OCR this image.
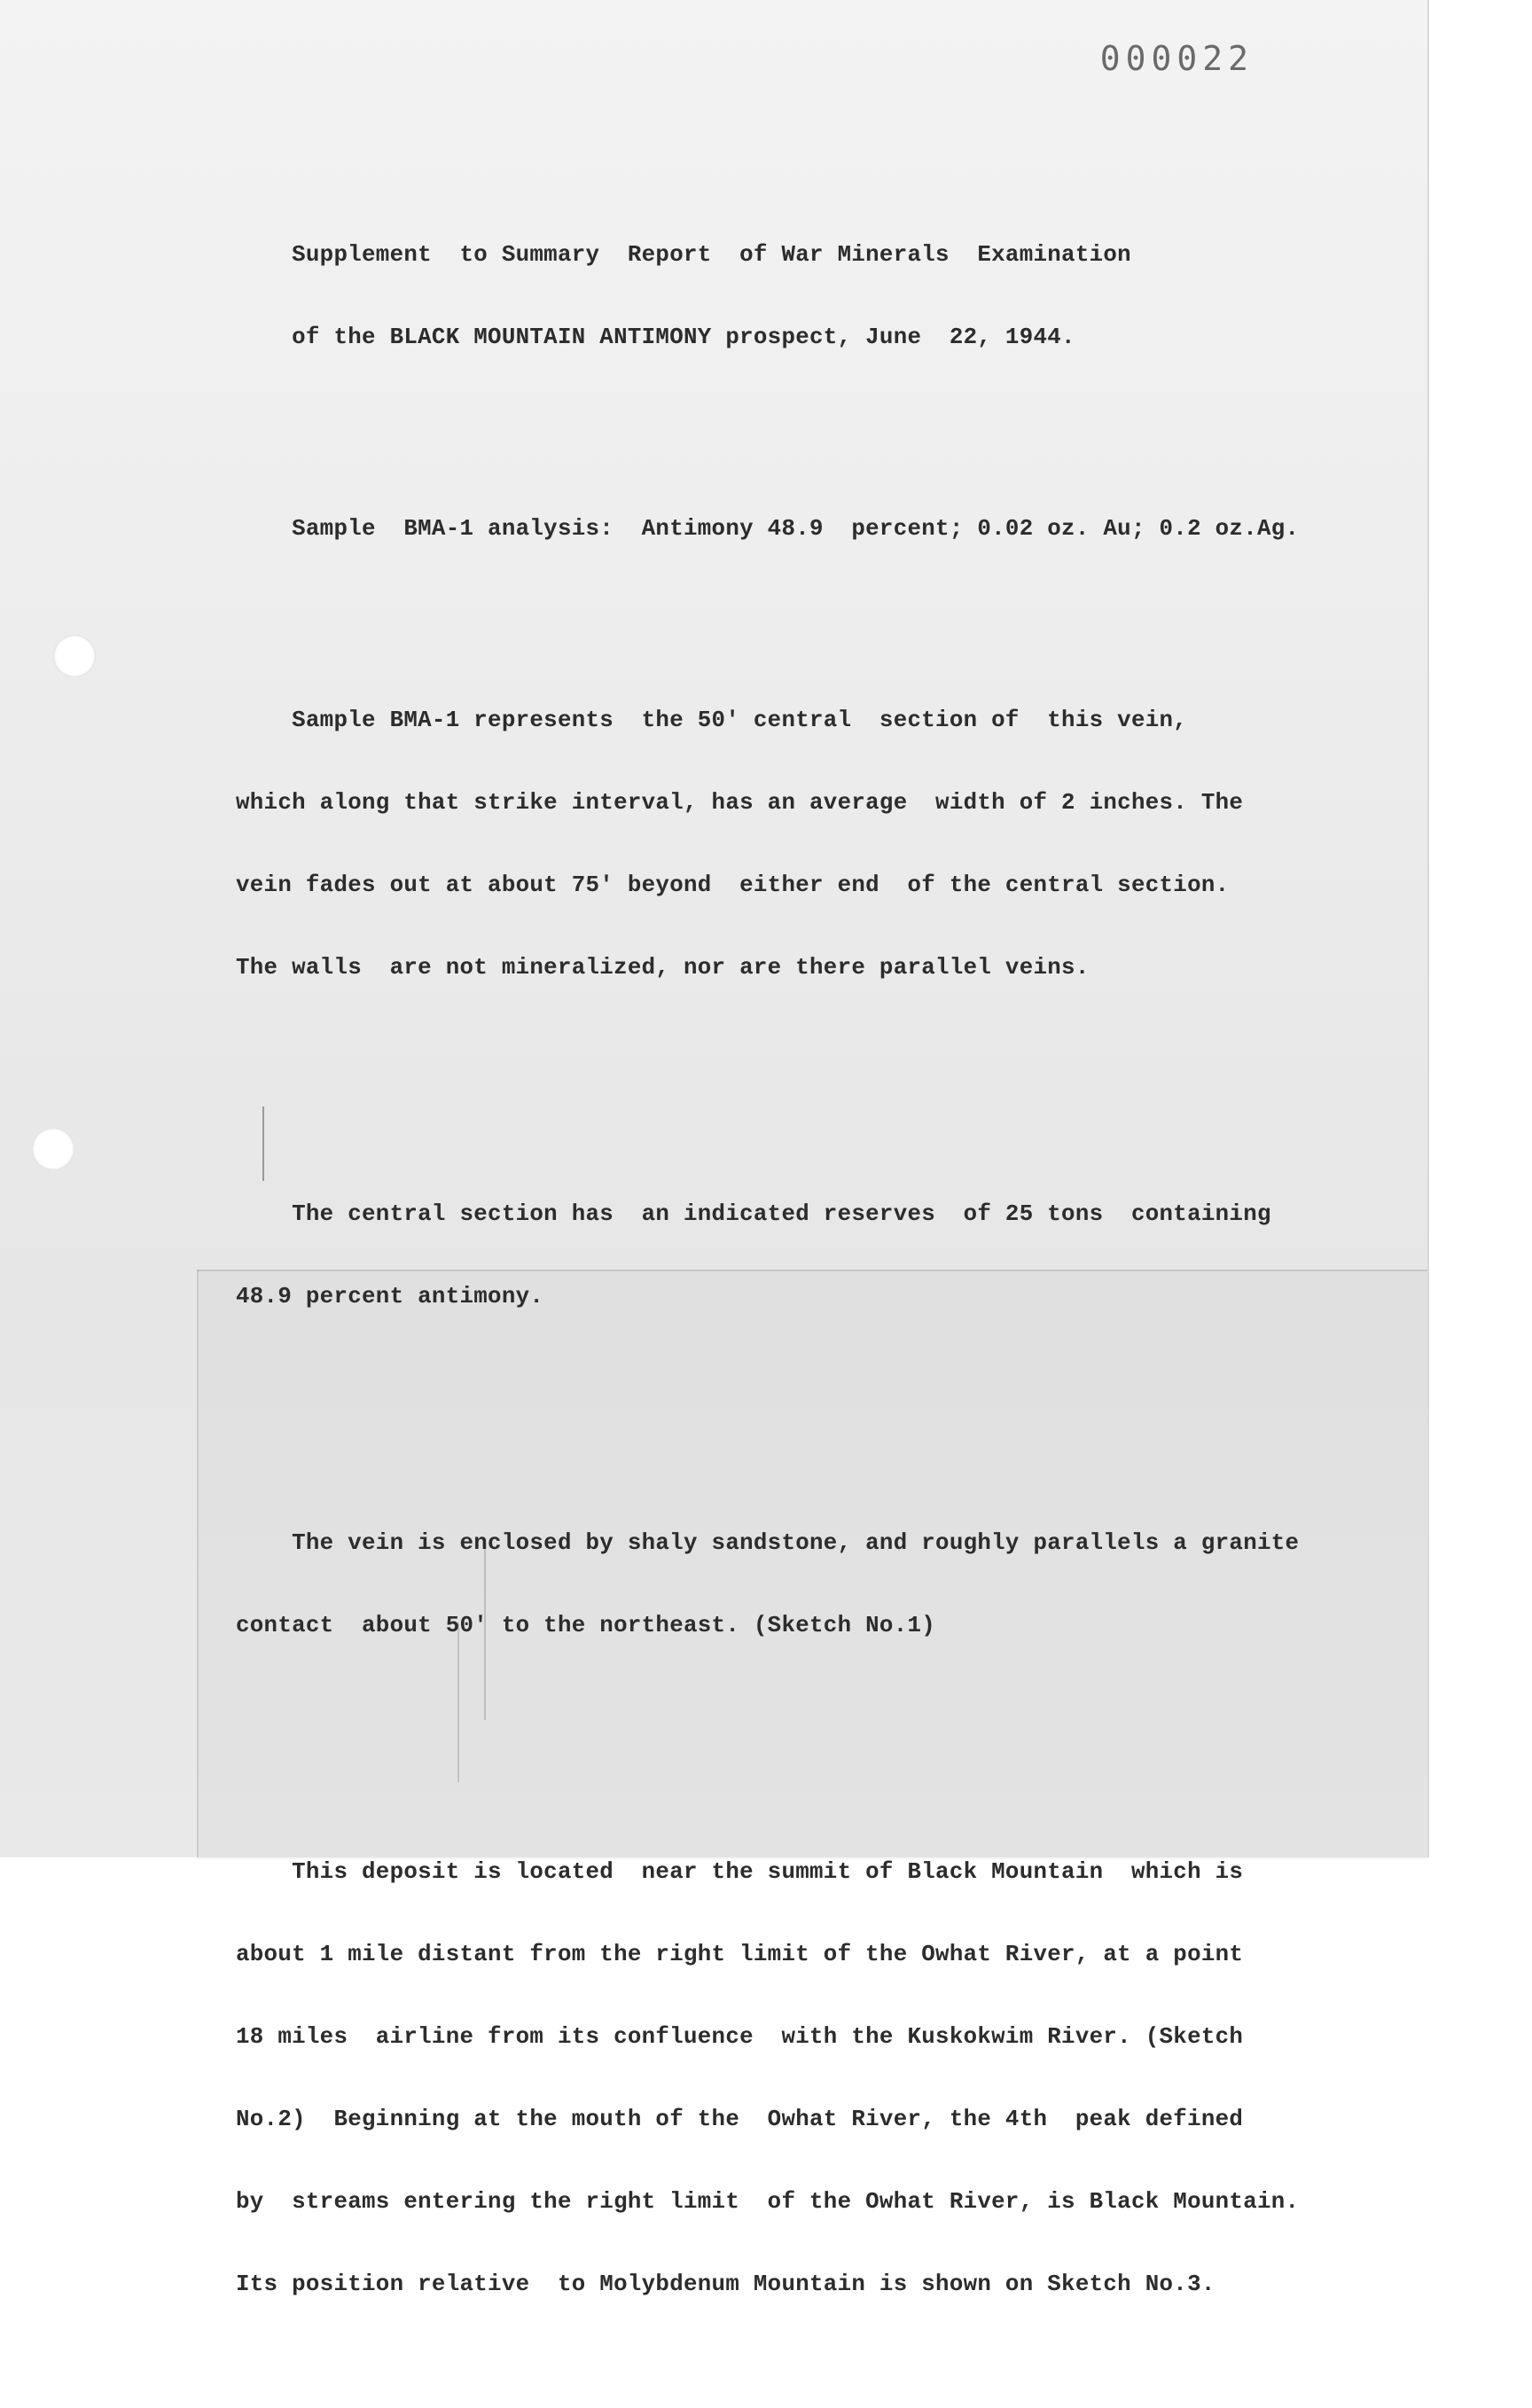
000022

Supplement  to Summary  Report  of War Minerals  Examination

of the BLACK MOUNTAIN ANTIMONY prospect, June  22, 1944.

Sample  BMA-1 analysis:  Antimony 48.9  percent; 0.02 oz. Au; 0.2 oz.Ag.

Sample BMA-1 represents  the 50' central  section of  this vein,

which along that strike interval, has an average  width of 2 inches. The

vein fades out at about 75' beyond  either end  of the central section.

The walls  are not mineralized, nor are there parallel veins.

The central section has  an indicated reserves  of 25 tons  containing

48.9 percent antimony.

The vein is enclosed by shaly sandstone, and roughly parallels a granite

contact  about 50' to the northeast. (Sketch No.1)

This deposit is located  near the summit of Black Mountain  which is

about 1 mile distant from the right limit of the Owhat River, at a point

18 miles  airline from its confluence  with the Kuskokwim River. (Sketch

No.2)  Beginning at the mouth of the  Owhat River, the 4th  peak defined

by  streams entering the right limit  of the Owhat River, is Black Mountain.

Its position relative  to Molybdenum Mountain is shown on Sketch No.3.
